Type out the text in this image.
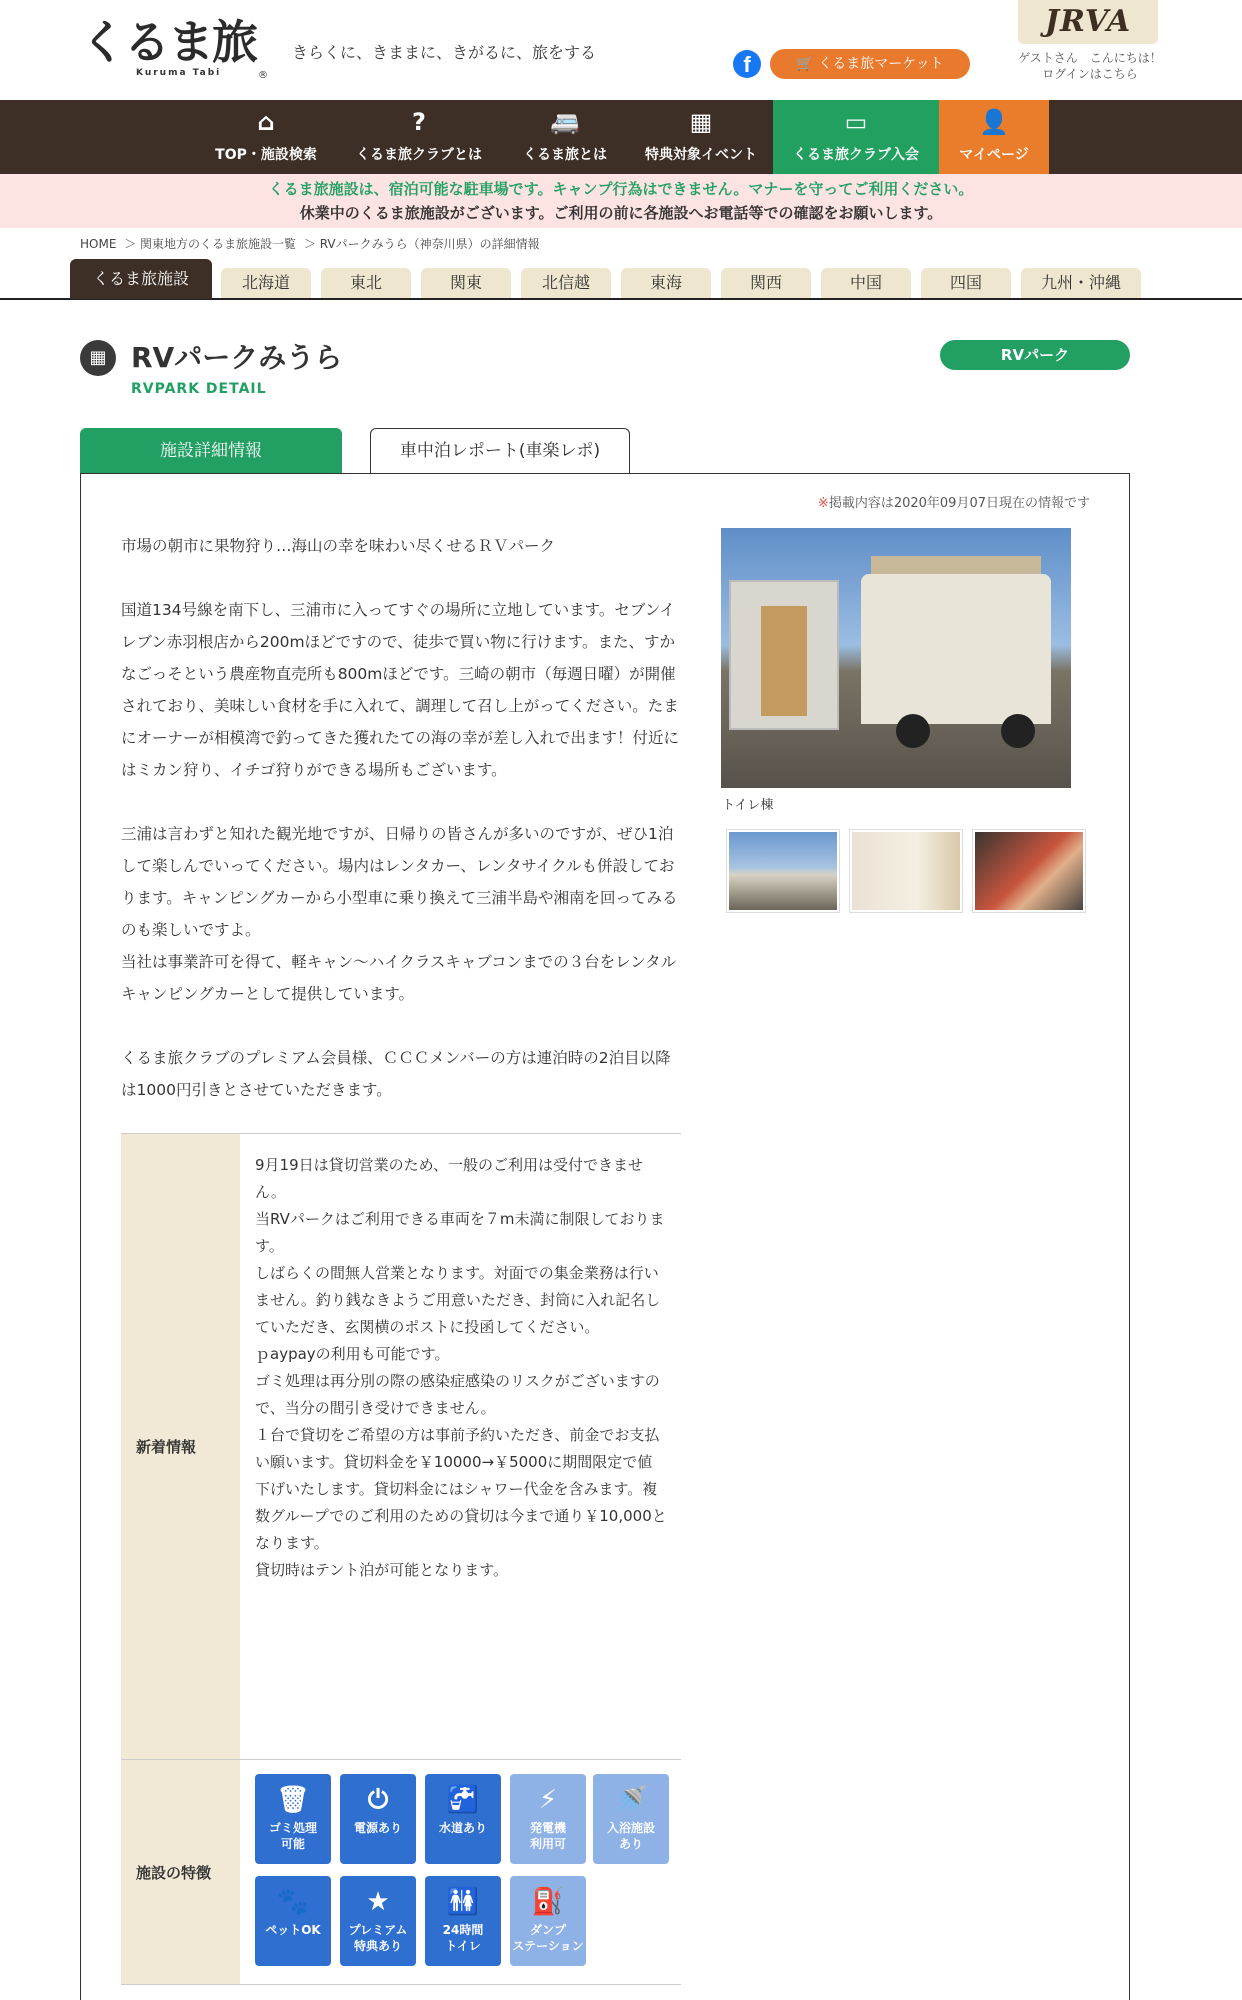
くるま旅
Kuruma Tabi	®
きらくに、きままに、きがるに、旅をする	f	🛒 くるま旅マーケット
JRVA
ゲストさん　こんにちは！
ログインはこちら
⌂
TOP・施設検索
?
くるま旅クラブとは
🚐
くるま旅とは
▦
特典対象イベント
▭
くるま旅クラブ入会
👤
マイページ
くるま旅施設は、宿泊可能な駐車場です。キャンプ行為はできません。マナーを守ってご利用ください。
休業中のくるま旅施設がございます。ご利用の前に各施設へお電話等での確認をお願いします。
HOME ＞ 関東地方のくるま旅施設一覧 ＞ RVパークみうら（神奈川県）の詳細情報
くるま旅施設	北海道	東北	関東	北信越	東海	関西	中国	四国	九州・沖縄
▦ RVパークみうら
RVPARK DETAIL
RVパーク
施設詳細情報	車中泊レポート(車楽レポ)
※掲載内容は2020年09月07日現在の情報です

市場の朝市に果物狩り…海山の幸を味わい尽くせるＲＶパーク

国道134号線を南下し、三浦市に入ってすぐの場所に立地しています。セブンイレブン赤羽根店から200mほどですので、徒歩で買い物に行けます。また、すかなごっそという農産物直売所も800mほどです。三崎の朝市（毎週日曜）が開催されており、美味しい食材を手に入れて、調理して召し上がってください。たまにオーナーが相模湾で釣ってきた獲れたての海の幸が差し入れで出ます！付近にはミカン狩り、イチゴ狩りができる場所もございます。

三浦は言わずと知れた観光地ですが、日帰りの皆さんが多いのですが、ぜひ1泊して楽しんでいってください。場内はレンタカー、レンタサイクルも併設しております。キャンピングカーから小型車に乗り換えて三浦半島や湘南を回ってみるのも楽しいですよ。
当社は事業許可を得て、軽キャン〜ハイクラスキャブコンまでの３台をレンタルキャンピングカーとして提供しています。

くるま旅クラブのプレミアム会員様、ＣＣＣメンバーの方は連泊時の2泊目以降は1000円引きとさせていただきます。

トイレ棟
新着情報
9月19日は貸切営業のため、一般のご利用は受付できません。
当RVパークはご利用できる車両を７m未満に制限しております。
しばらくの間無人営業となります。対面での集金業務は行いません。釣り銭なきようご用意いただき、封筒に入れ記名していただき、玄関横のポストに投函してください。
ｐaypayの利用も可能です。
ゴミ処理は再分別の際の感染症感染のリスクがございますので、当分の間引き受けできません。
１台で貸切をご希望の方は事前予約いただき、前金でお支払い願います。貸切料金を￥10000→￥5000に期間限定で値下げいたします。貸切料金にはシャワー代金を含みます。複数グループでのご利用のための貸切は今まで通り￥10,000となります。
貸切時はテント泊が可能となります。
施設の特徴
🗑
ゴミ処理
可能
⏻
電源あり
🚰
水道あり
⚡
発電機
利用可
🚿
入浴施設
あり
🐾
ペットOK
★
プレミアム
特典あり
🚻
24時間
トイレ
⛽
ダンプ
ステーション
